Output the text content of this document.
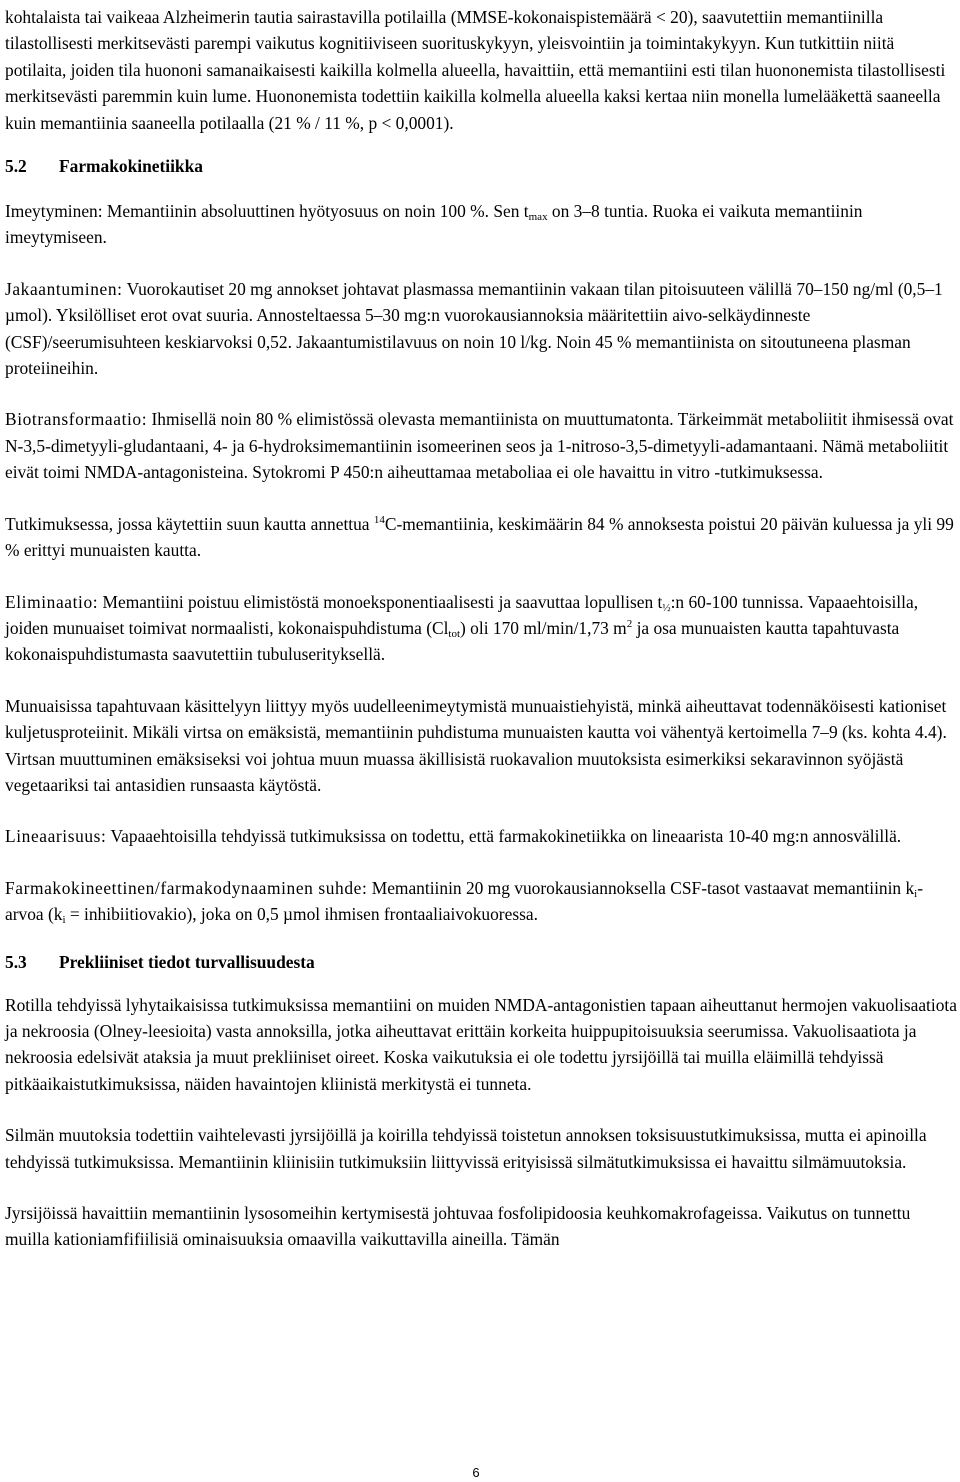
kohtalaista tai vaikeaa Alzheimerin tautia sairastavilla potilailla (MMSE-kokonaispistemäärä < 20), saavutettiin memantiinilla tilastollisesti merkitsevästi parempi vaikutus kognitiiviseen suorituskykyyn, yleisvointiin ja toimintakykyyn. Kun tutkittiin niitä potilaita, joiden tila huononi samanaikaisesti kaikilla kolmella alueella, havaittiin, että memantiini esti tilan huononemista tilastollisesti merkitsevästi paremmin kuin lume. Huononemista todettiin kaikilla kolmella alueella kaksi kertaa niin monella lumelääkettä saaneella kuin memantiinia saaneella potilaalla (21 % / 11 %, p < 0,0001).

5.2 Farmakokinetiikka

Imeytyminen: Memantiinin absoluuttinen hyötyosuus on noin 100 %. Sen $t_{max}$ on 3–8 tuntia. Ruoka ei vaikuta memantiinin imeytymiseen.

Jakaantuminen: Vuorokautiset 20 mg annokset johtavat plasmassa memantiinin vakaan tilan pitoisuuteen välillä 70–150 ng/ml (0,5–1 µmol). Yksilölliset erot ovat suuria. Annosteltaessa 5–30 mg:n vuorokausiannoksia määritettiin aivo-selkäydinneste (CSF)/seerumisuhteen keskiarvoksi 0,52. Jakaantumistilavuus on noin 10 l/kg. Noin 45 % memantiinista on sitoutuneena plasman proteiineihin.

Biotransformaatio: Ihmisellä noin 80 % elimistössä olevasta memantiinista on muuttumatonta. Tärkeimmät metaboliitit ihmisessä ovat N-3,5-dimetyyli-gludantaani, 4- ja 6-hydroksimemantiinin isomeerinen seos ja 1-nitroso-3,5-dimetyyli-adamantaani. Nämä metaboliitit eivät toimi NMDA-antagonisteina. Sytokromi P 450:n aiheuttamaa metaboliaa ei ole havaittu in vitro -tutkimuksessa.

Tutkimuksessa, jossa käytettiin suun kautta annettua $^{14}$C-memantiinia, keskimäärin 84 % annoksesta poistui 20 päivän kuluessa ja yli 99 % erittyi munuaisten kautta.

Eliminaatio: Memantiini poistuu elimistöstä monoeksponentiaalisesti ja saavuttaa lopullisen $t_{\frac{1}{2}}:n$ 60-100 tunnissa. Vapaaehtoisilla, joiden munuaiset toimivat normaalisti, kokonaispuhdistuma $(Cl_{tot})$ oli 170 ml/min/1,73 $m^2$ ja osa munuaisten kautta tapahtuvasta kokonaispuhdistumasta saavutettiin tubuluserityksellä.

Munuaisissa tapahtuvaan käsittelyyn liittyy myös uudelleenimeytymistä munuaistiehyistä, minkä aiheuttavat todennäköisesti kationiset kuljetusproteiinit. Mikäli virtsa on emäksistä, memantiinin puhdistuma munuaisten kautta voi vähentyä kertoimella 7–9 (ks. kohta 4.4). Virtsan muuttuminen emäksiseksi voi johtua muun muassa äkillisistä ruokavalion muutoksista esimerkiksi sekaravinnon syöjästä vegetaariksi tai antasidien runsaasta käytöstä.

Lineaarisuus: Vapaaehtoisilla tehdyissä tutkimuksissa on todettu, että farmakokinetiikka on lineaarista 10-40 mg:n annosvälillä.

Farmakokineettinen/farmakodynaaminen suhde: Memantiinin 20 mg vuorokausiannoksella CSF-tasot vastaavat memantiinin $k_i$-arvoa ($k_i$ = inhibiitiovakio), joka on 0,5 µmol ihmisen frontaaliaivokuoressa.

5.3 Prekliiniset tiedot turvallisuudesta

Rotilla tehdyissä lyhytaikaisissa tutkimuksissa memantiini on muiden NMDA-antagonistien tapaan aiheuttanut hermojen vakuolisaatiota ja nekroosia (Olney-leesioita) vasta annoksilla, jotka aiheuttavat erittäin korkeita huippupitoisuuksia seerumissa. Vakuolisaatiota ja nekroosia edelsivät ataksia ja muut prekliiniset oireet. Koska vaikutuksia ei ole todettu jyrsijöillä tai muilla eläimillä tehdyissä pitkäaikaistutkimuksissa, näiden havaintojen kliinistä merkitystä ei tunneta.

Silmän muutoksia todettiin vaihtelevasti jyrsijöillä ja koirilla tehdyissä toistetun annoksen toksisuustutkimuksissa, mutta ei apinoilla tehdyissä tutkimuksissa. Memantiinin kliinisiin tutkimuksiin liittyvissä erityisissä silmätutkimuksissa ei havaittu silmämuutoksia.

Jyrsijöissä havaittiin memantiinin lysosomeihin kertymisestä johtuvaa fosfolipidoosia keuhkomakrofageissa. Vaikutus on tunnettu muilla kationiamfifiilisiä ominaisuuksia omaavilla vaikuttavilla aineilla. Tämän

6
